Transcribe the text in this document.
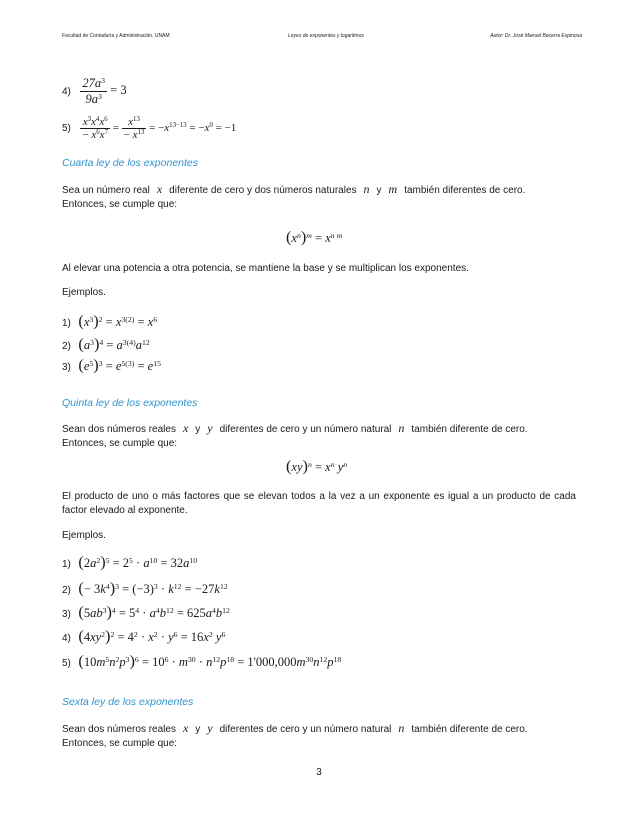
Facultad de Contaduría y Administración. UNAM	Leyes de exponentes y logaritmos	Autor: Dr. José Manuel Becerra Espinosa
$4) \frac{27a^3}{9a^3} = 3$
$5) \frac{x^3x^4x^6}{- x^6x^7} = \frac{x^{13}}{- x^{13}} = -x^{13-13} = -x^0 = -1$
Cuarta ley de los exponentes
Sea un número real x diferente de cero y dos números naturales n y m también diferentes de cero.
Entonces, se cumple que:
$(x^n)^m = x^{n m}$
Al elevar una potencia a otra potencia, se mantiene la base y se multiplican los exponentes.
Ejemplos.
1) $(x^3)^2 = x^{3(2)} = x^6$
2) $(a^3)^4 = a^{3(4)}a^{12}$
3) $(e^5)^3 = e^{5(3)} = e^{15}$
Quinta ley de los exponentes
Sean dos números reales x y y diferentes de cero y un número natural n también diferente de cero.
Entonces, se cumple que:
$(xy)^n = x^n$ $y^n$
El producto de uno o más factores que se elevan todos a la vez a un exponente es igual a un producto de cada factor elevado al exponente.
Ejemplos.
1) $(2a^2)^5 = 2^5 \cdot a^{10} = 32a^{10}$
2) (− $3k^4)^3 = (-3)^3 \cdot k^{12} = -27k^{12}$
3) $(5ab^3)^4 = 5^4 \cdot a^4b^{12} = 625a^4b^{12}$
4) $(4xy^2)^2 = 4^2 \cdot x^2 \cdot y^6 = 16x^2$ $y^6$
5) $(10m^5n^2p^3)^6 = 10^6 \cdot m^{30} \cdot n^{12}p^{18} = 1'000,000m^{30}n^{12}p^{18}$
Sexta ley de los exponentes
Sean dos números reales x y y diferentes de cero y un número natural n también diferente de cero.
Entonces, se cumple que:
3
